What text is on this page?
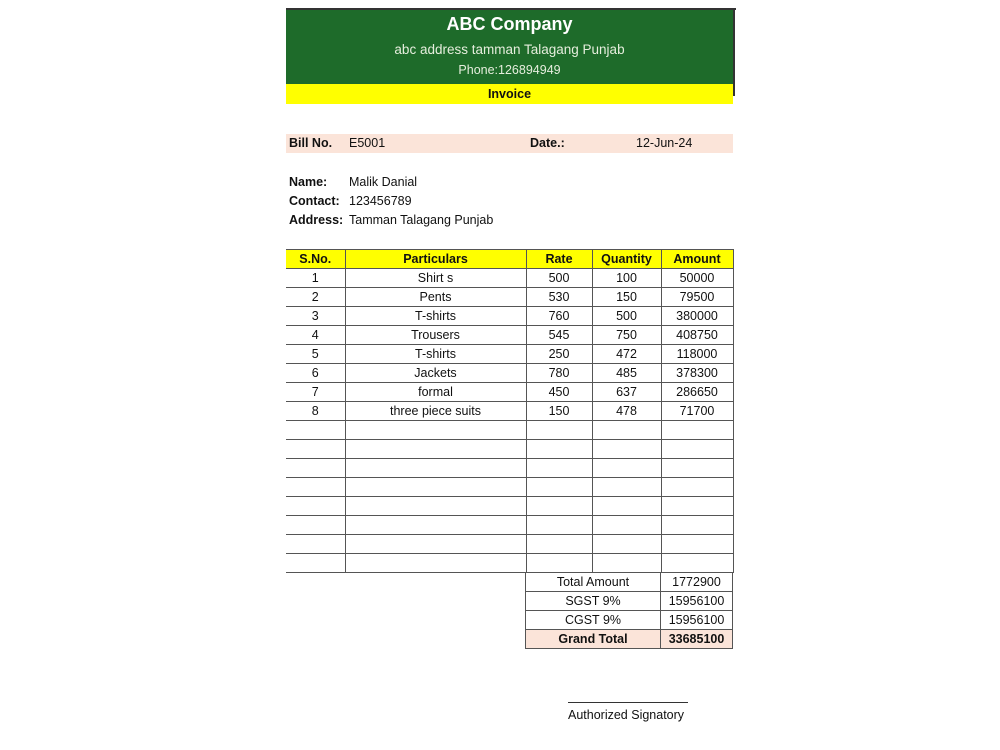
ABC Company
abc address tamman Talagang Punjab
Phone:126894949
Invoice
Bill No. E5001	Date.:	12-Jun-24
Name: Malik Danial
Contact: 123456789
Address: Tamman Talagang Punjab
S.No.	Particulars	Rate	Quantity	Amount
1	Shirt s	500	100	50000
2	Pents	530	150	79500
3	T-shirts	760	500	380000
4	Trousers	545	750	408750
5	T-shirts	250	472	118000
6	Jackets	780	485	378300
7	formal	450	637	286650
8	three piece suits	150	478	71700

Total Amount	1772900
SGST 9%	15956100
CGST 9%	15956100
Grand Total	33685100
Authorized Signatory
